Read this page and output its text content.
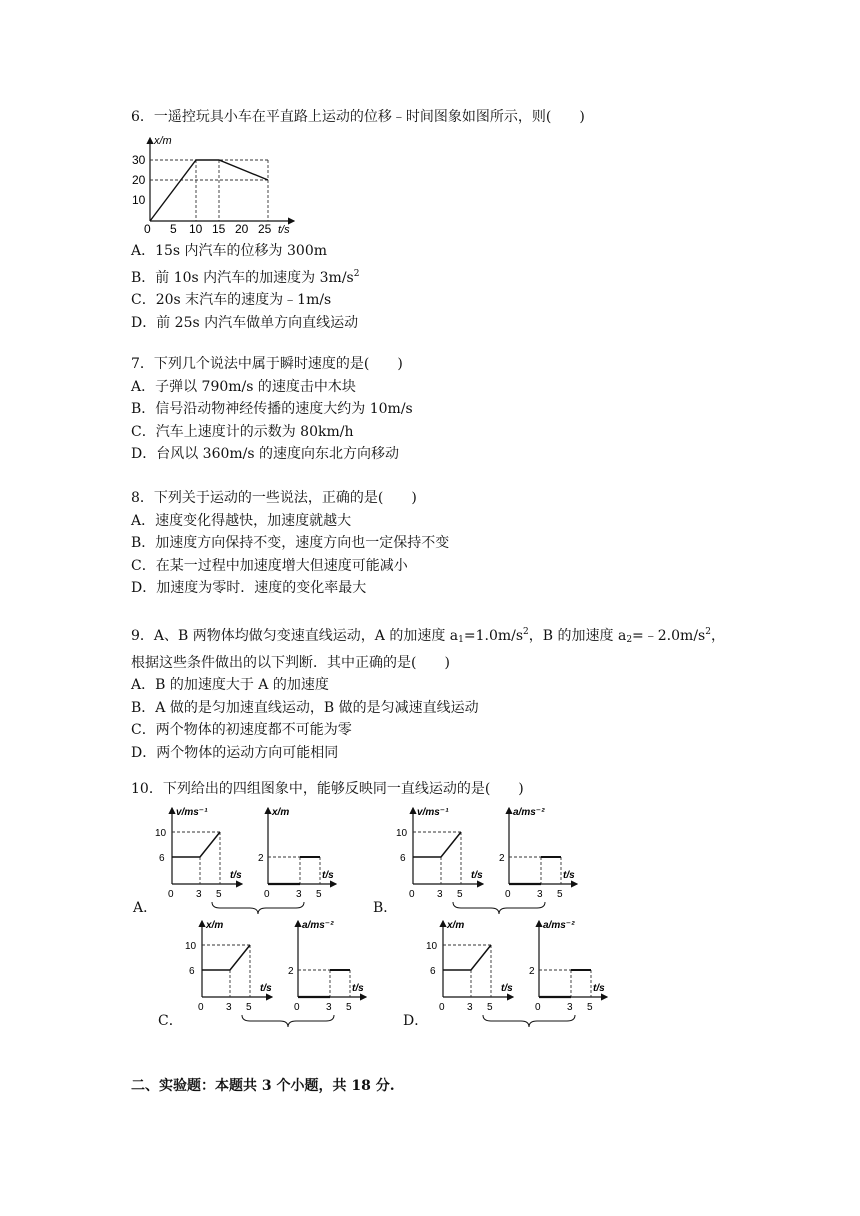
6．一遥控玩具小车在平直路上运动的位移﹣时间图象如图所示，则(　　)
x/m
t/s
30
20
10
0 5 10 15 20 25
A．15s 内汽车的位移为 300m
B．前 10s 内汽车的加速度为 $3m/s^2$
C．20s 末汽车的速度为﹣1m/s
D．前 25s 内汽车做单方向直线运动
7．下列几个说法中属于瞬时速度的是(　　)
A．子弹以 790m/s 的速度击中木块
B．信号沿动物神经传播的速度大约为 10m/s
C．汽车上速度计的示数为 80km/h
D．台风以 360m/s 的速度向东北方向移动
8．下列关于运动的一些说法，正确的是(　　)
A．速度变化得越快，加速度就越大
B．加速度方向保持不变，速度方向也一定保持不变
C．在某一过程中加速度增大但速度可能减小
D．加速度为零时．速度的变化率最大
9．A、B 两物体均做匀变速直线运动，A 的加速度 $a_1=1.0m/s^2$，B 的加速度 $a_2=﹣2.0m/s^2$，
根据这些条件做出的以下判断．其中正确的是(　　)
A．B 的加速度大于 A 的加速度
B．A 做的是匀加速直线运动，B 做的是匀减速直线运动
C．两个物体的初速度都不可能为零
D．两个物体的运动方向可能相同
10．下列给出的四组图象中，能够反映同一直线运动的是(　　)
A．	B．
C．	D．
v/ms⁻¹	x/m
10
6	2
0 3 5	0	3 5
t/s	t/s
v/ms⁻¹	a/ms⁻²
10
6	2
0 3 5	0	3 5
t/s	t/s
x/m	a/ms⁻²
10
6	2
0 3 5	0	3 5
t/s	t/s
x/m	a/ms⁻²
10
6	2
0 3 5	0	3 5
t/s	t/s
二、实验题：本题共 3 个小题，共 18 分.
